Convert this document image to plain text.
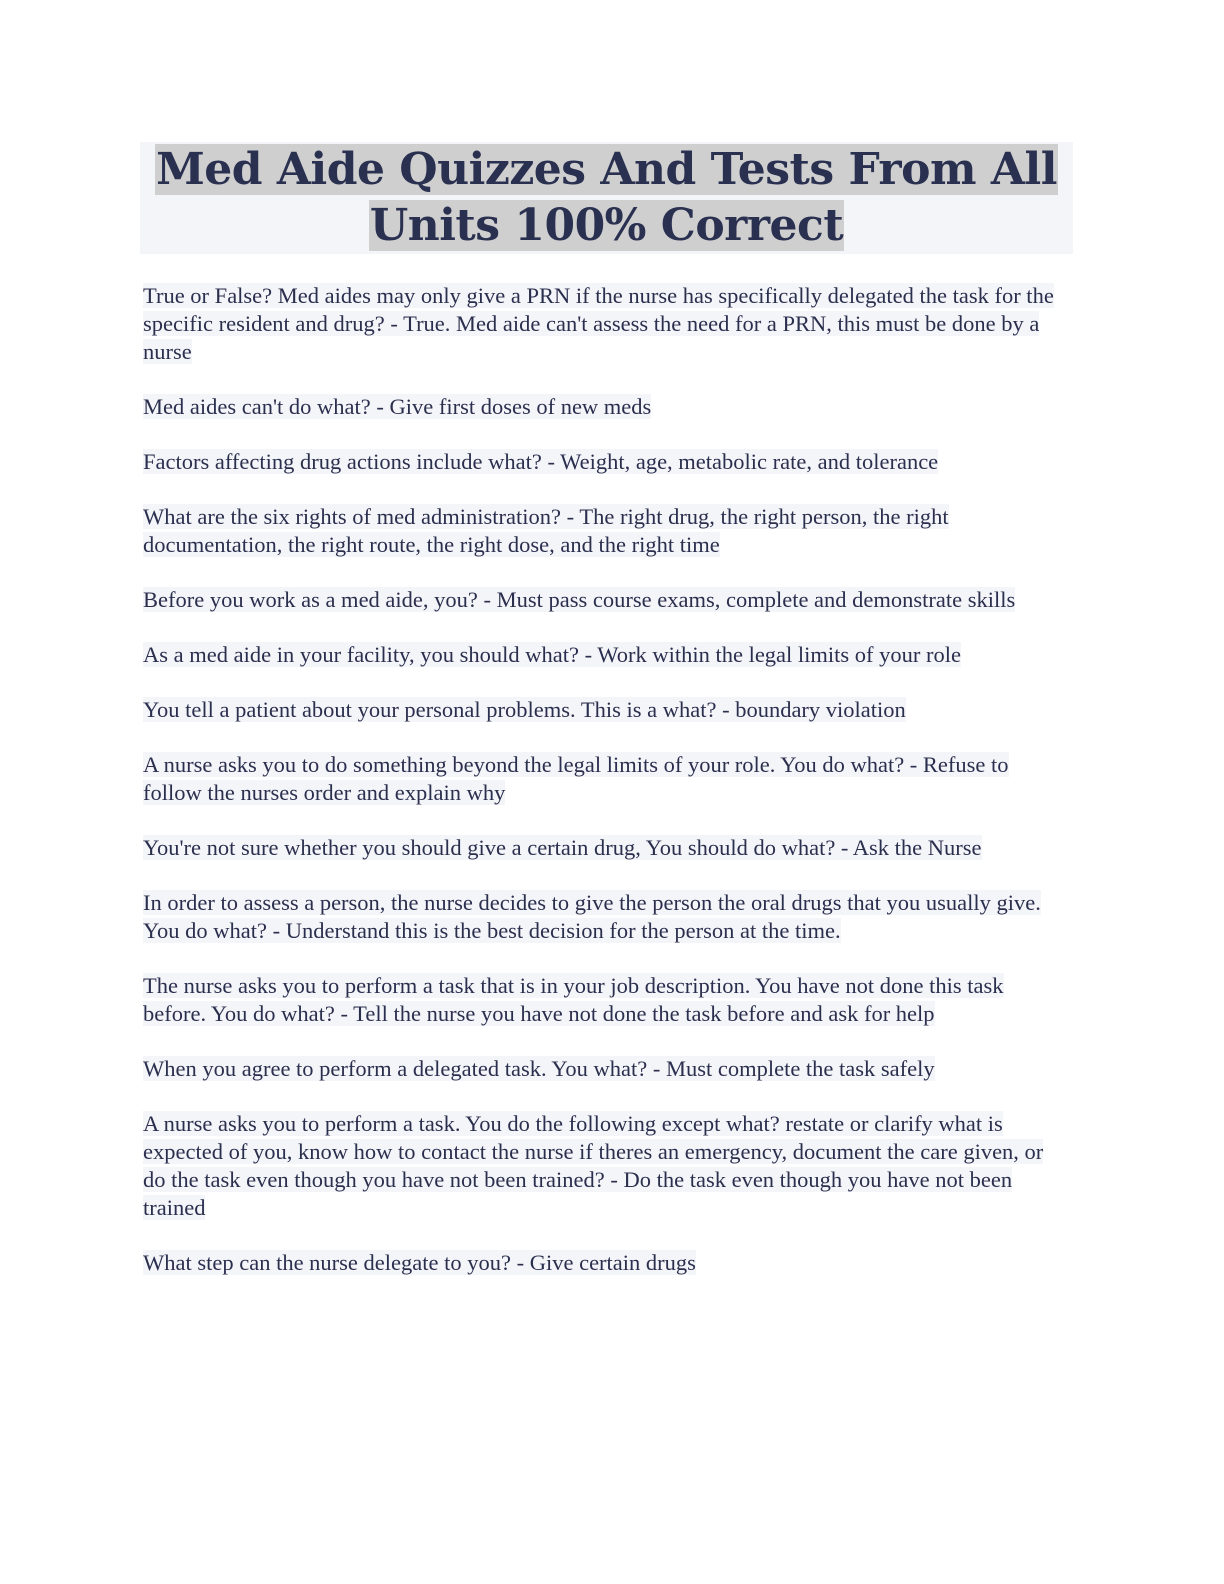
Med Aide Quizzes And Tests From All Units 100% Correct
True or False? Med aides may only give a PRN if the nurse has specifically delegated the task for the specific resident and drug? - True. Med aide can't assess the need for a PRN, this must be done by a nurse
Med aides can't do what? - Give first doses of new meds
Factors affecting drug actions include what? - Weight, age, metabolic rate, and tolerance
What are the six rights of med administration? - The right drug, the right person, the right documentation, the right route, the right dose, and the right time
Before you work as a med aide, you? - Must pass course exams, complete and demonstrate skills
As a med aide in your facility, you should what? - Work within the legal limits of your role
You tell a patient about your personal problems. This is a what? - boundary violation
A nurse asks you to do something beyond the legal limits of your role. You do what? - Refuse to follow the nurses order and explain why
You're not sure whether you should give a certain drug, You should do what? - Ask the Nurse
In order to assess a person, the nurse decides to give the person the oral drugs that you usually give. You do what? - Understand this is the best decision for the person at the time.
The nurse asks you to perform a task that is in your job description. You have not done this task before. You do what? - Tell the nurse you have not done the task before and ask for help
When you agree to perform a delegated task. You what? - Must complete the task safely
A nurse asks you to perform a task. You do the following except what? restate or clarify what is expected of you, know how to contact the nurse if theres an emergency, document the care given, or do the task even though you have not been trained? - Do the task even though you have not been trained
What step can the nurse delegate to you? - Give certain drugs
